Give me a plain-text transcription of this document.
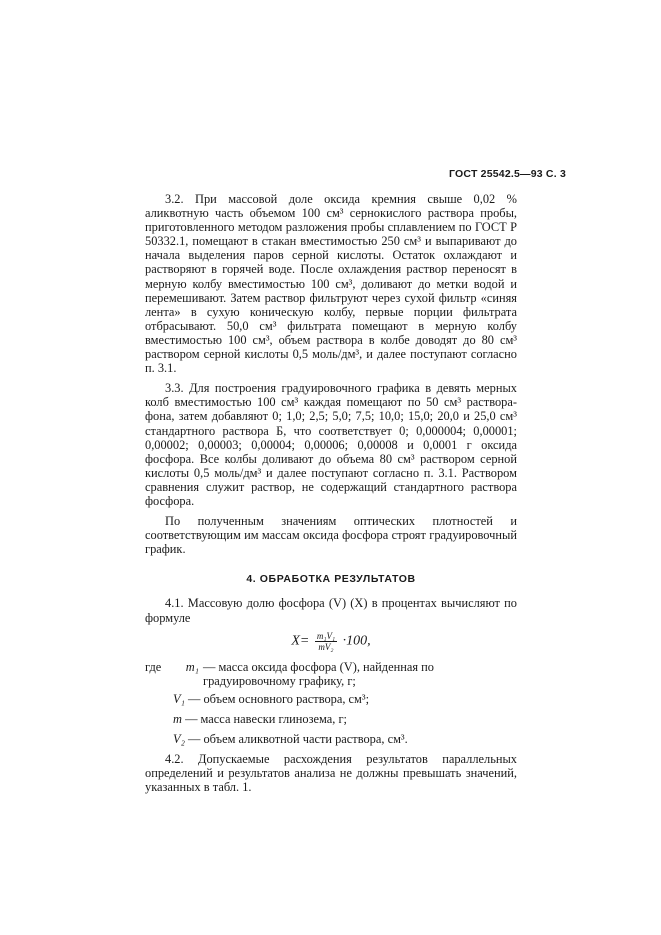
ГОСТ 25542.5—93 С. 3

3.2. При массовой доле оксида кремния свыше 0,02 % аликвотную часть объемом 100 см³ сернокислого раствора пробы, приготовленного методом разложения пробы сплавлением по ГОСТ Р 50332.1, помещают в стакан вместимостью 250 см³ и выпаривают до начала выделения паров серной кислоты. Остаток охлаждают и растворяют в горячей воде. После охлаждения раствор переносят в мерную колбу вместимостью 100 см³, доливают до метки водой и перемешивают. Затем раствор фильтруют через сухой фильтр «синяя лента» в сухую коническую колбу, первые порции фильтрата отбрасывают. 50,0 см³ фильтрата помещают в мерную колбу вместимостью 100 см³, объем раствора в колбе доводят до 80 см³ раствором серной кислоты 0,5 моль/дм³, и далее поступают согласно п. 3.1.

3.3. Для построения градуировочного графика в девять мерных колб вместимостью 100 см³ каждая помещают по 50 см³ раствора-фона, затем добавляют 0; 1,0; 2,5; 5,0; 7,5; 10,0; 15,0; 20,0 и 25,0 см³ стандартного раствора Б, что соответствует 0; 0,000004; 0,00001; 0,00002; 0,00003; 0,00004; 0,00006; 0,00008 и 0,0001 г оксида фосфора. Все колбы доливают до объема 80 см³ раствором серной кислоты 0,5 моль/дм³ и далее поступают согласно п. 3.1. Раствором сравнения служит раствор, не содержащий стандартного раствора фосфора.

По полученным значениям оптических плотностей и соответствующим им массам оксида фосфора строят градуировочный график.

4. ОБРАБОТКА РЕЗУЛЬТАТОВ

4.1. Массовую долю фосфора (V) (X) в процентах вычисляют по формуле

$X= \frac{\text{m₁V₁}}{\text{mV₂}} \cdot 100$,
где	m₁ — масса оксида фосфора (V), найденная по градуировочному графику, г;
V₁ — объем основного раствора, см³;
m — масса навески глинозема, г;
V₂ — объем аликвотной части раствора, см³.

4.2. Допускаемые расхождения результатов параллельных определений и результатов анализа не должны превышать значений, указанных в табл. 1.
